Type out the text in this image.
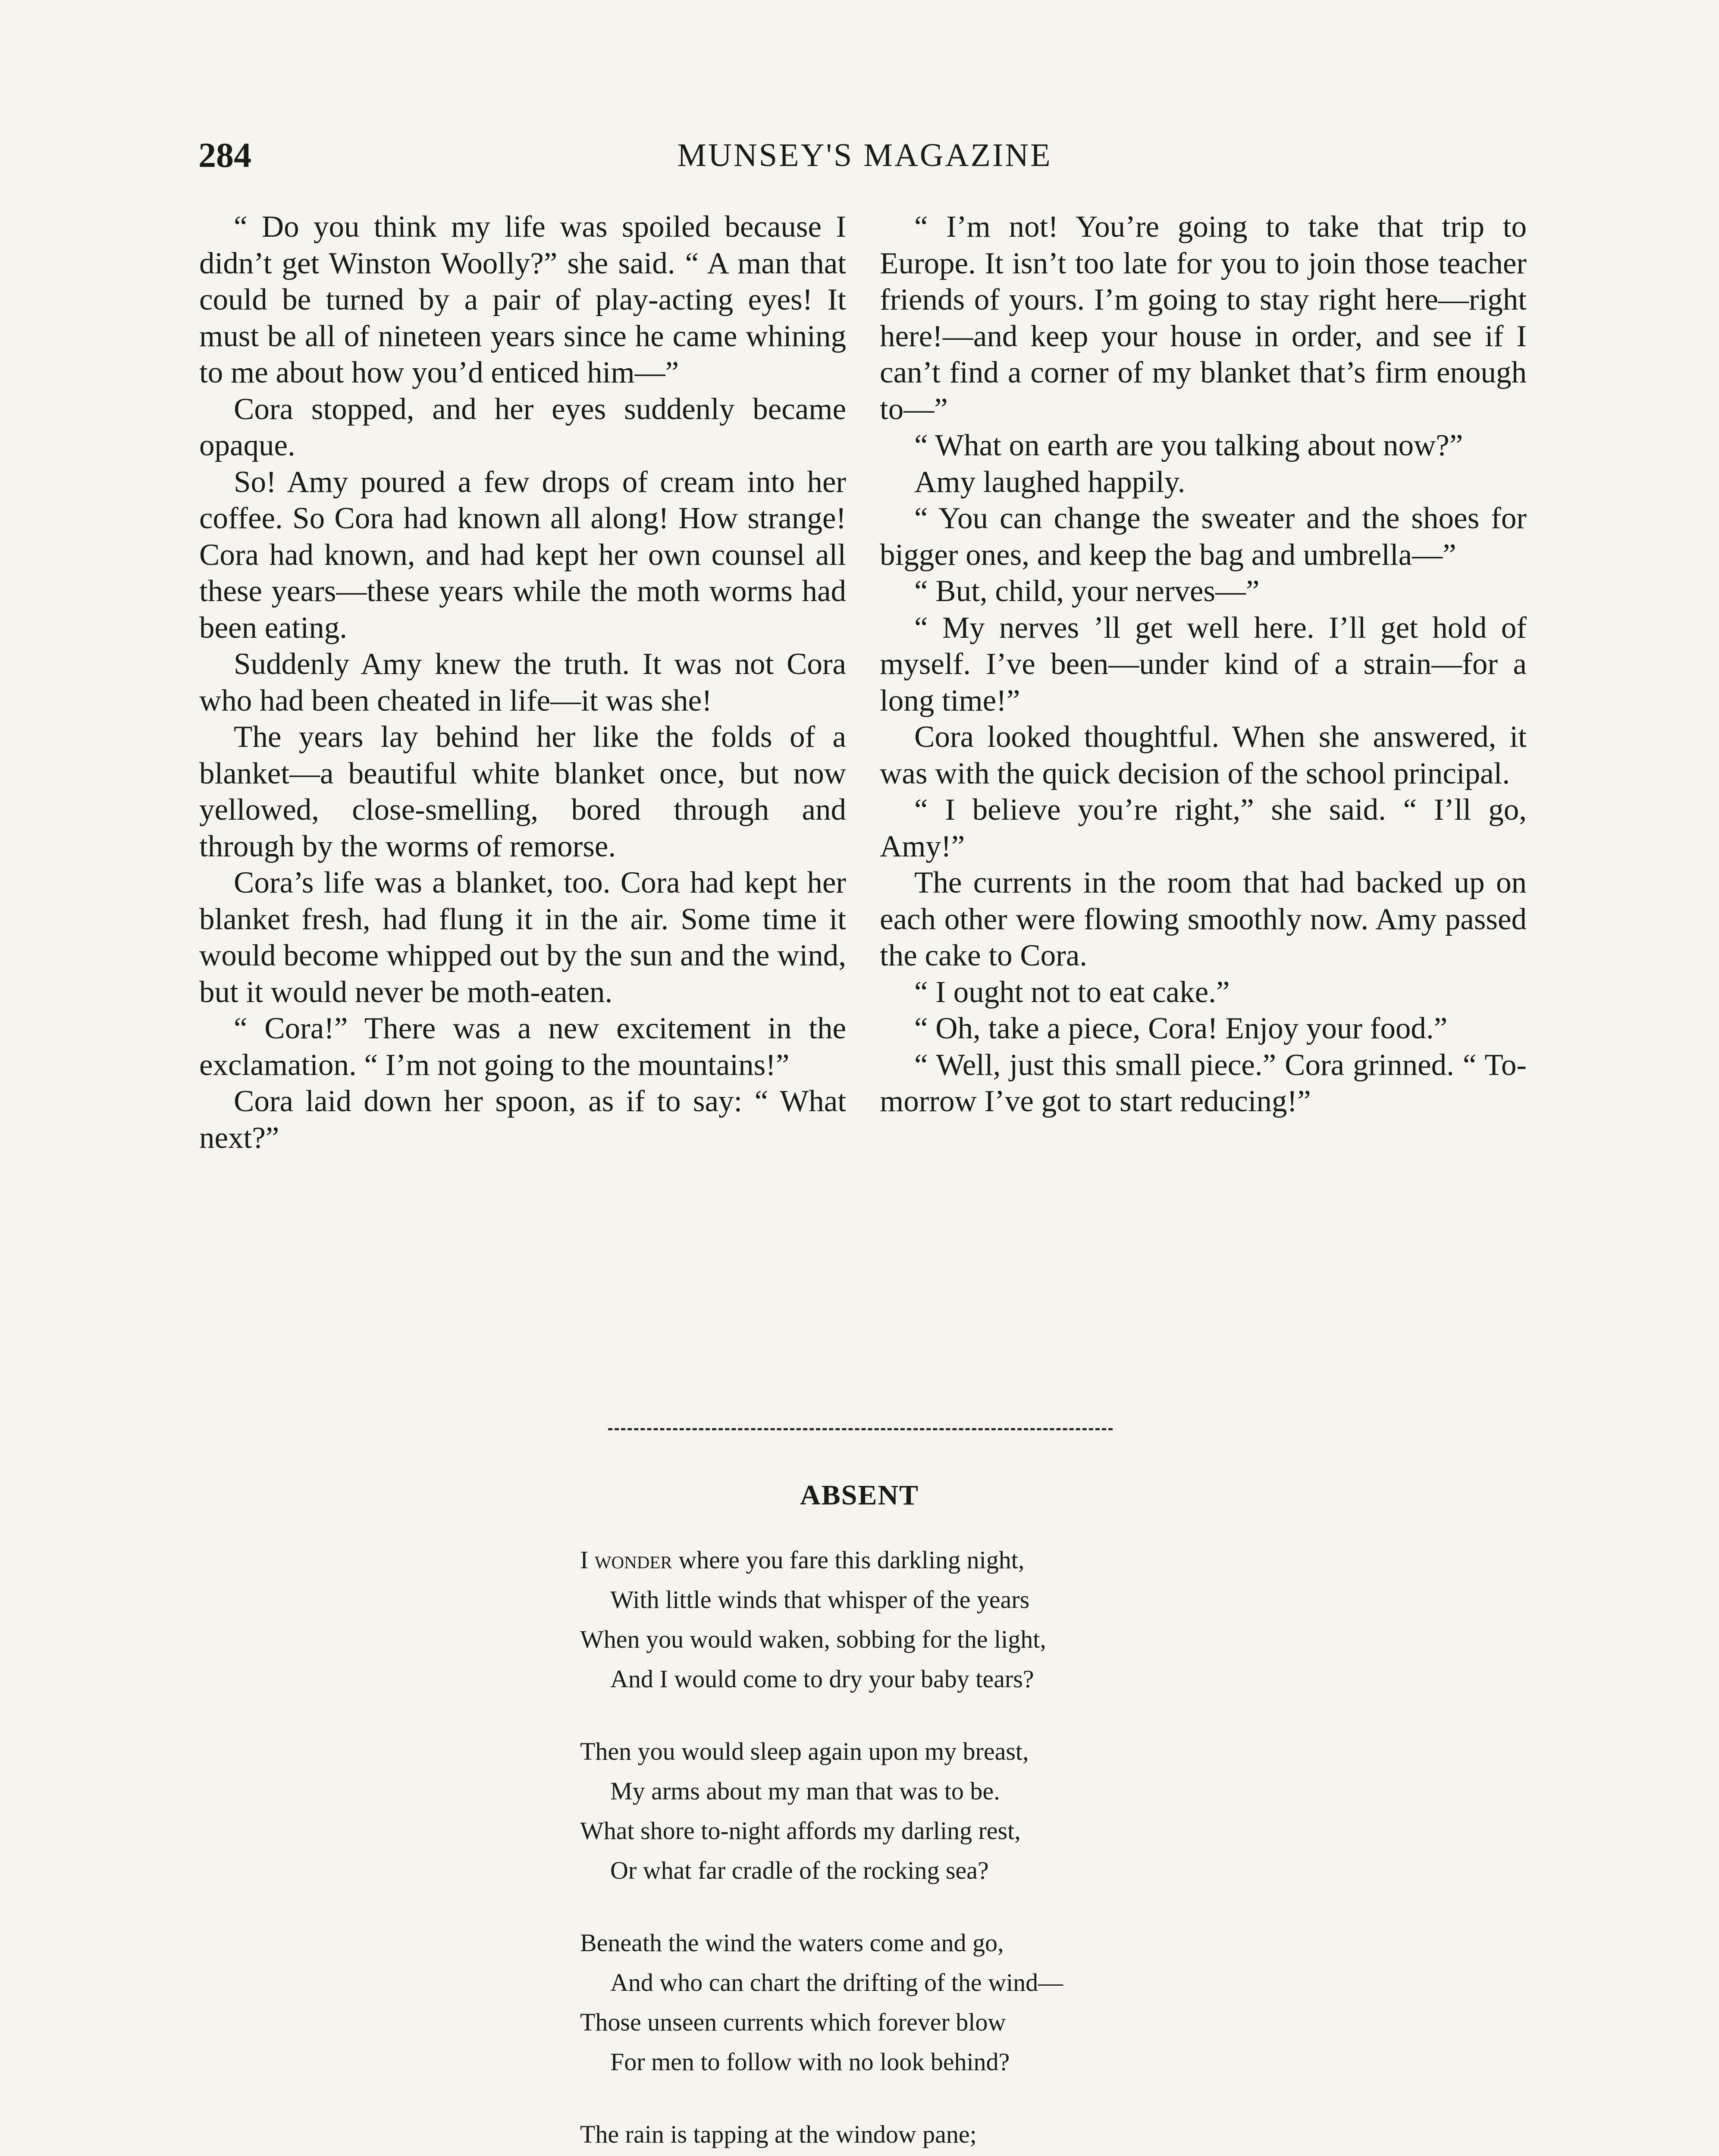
284	MUNSEY'S MAGAZINE

“ Do you think my life was spoiled because I didn’t get Winston Woolly?” she said. “ A man that could be turned by a pair of play-acting eyes! It must be all of nineteen years since he came whining to me about how you’d enticed him—”

Cora stopped, and her eyes suddenly became opaque.

So! Amy poured a few drops of cream into her coffee. So Cora had known all along! How strange! Cora had known, and had kept her own counsel all these years—these years while the moth worms had been eating.

Suddenly Amy knew the truth. It was not Cora who had been cheated in life—it was she!

The years lay behind her like the folds of a blanket—a beautiful white blanket once, but now yellowed, close-smelling, bored through and through by the worms of remorse.

Cora’s life was a blanket, too. Cora had kept her blanket fresh, had flung it in the air. Some time it would become whipped out by the sun and the wind, but it would never be moth-eaten.

“ Cora!” There was a new excitement in the exclamation. “ I’m not going to the mountains!”

Cora laid down her spoon, as if to say: “ What next?”

“ I’m not! You’re going to take that trip to Europe. It isn’t too late for you to join those teacher friends of yours. I’m going to stay right here—right here!—and keep your house in order, and see if I can’t find a corner of my blanket that’s firm enough to—”

“ What on earth are you talking about now?”

Amy laughed happily.

“ You can change the sweater and the shoes for bigger ones, and keep the bag and umbrella—”

“ But, child, your nerves—”

“ My nerves ’ll get well here. I’ll get hold of myself. I’ve been—under kind of a strain—for a long time!”

Cora looked thoughtful. When she answered, it was with the quick decision of the school principal.

“ I believe you’re right,” she said. “ I’ll go, Amy!”

The currents in the room that had backed up on each other were flowing smoothly now. Amy passed the cake to Cora.

“ I ought not to eat cake.”

“ Oh, take a piece, Cora! Enjoy your food.”

“ Well, just this small piece.” Cora grinned. “ To-morrow I’ve got to start reducing!”

ABSENT
I wonder where you fare this darkling night,
With little winds that whisper of the years
When you would waken, sobbing for the light,
And I would come to dry your baby tears?
Then you would sleep again upon my breast,
My arms about my man that was to be.
What shore to-night affords my darling rest,
Or what far cradle of the rocking sea?
Beneath the wind the waters come and go,
And who can chart the drifting of the wind—
Those unseen currents which forever blow
For men to follow with no look behind?
The rain is tapping at the window pane;
